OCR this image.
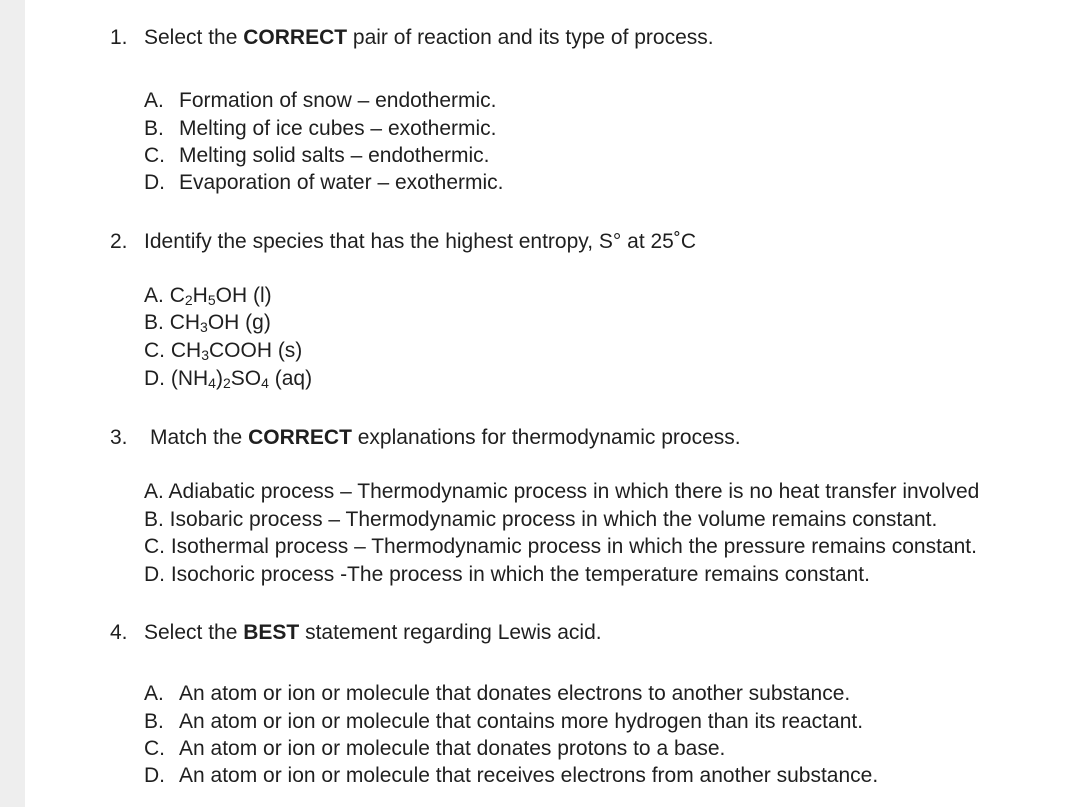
1. Select the CORRECT pair of reaction and its type of process.
A. Formation of snow – endothermic.
B. Melting of ice cubes – exothermic.
C. Melting solid salts – endothermic.
D. Evaporation of water – exothermic.
2. Identify the species that has the highest entropy, S° at 25˚C
A. $C_2H_5OH$ (l)
B. $CH_3OH$ (g)
C. $CH_3COOH$ (s)
D. $(NH_4)_2SO_4$ (aq)
3. Match the CORRECT explanations for thermodynamic process.
A. Adiabatic process – Thermodynamic process in which there is no heat transfer involved
B. Isobaric process – Thermodynamic process in which the volume remains constant.
C. Isothermal process – Thermodynamic process in which the pressure remains constant.
D. Isochoric process -The process in which the temperature remains constant.
4. Select the BEST statement regarding Lewis acid.
A. An atom or ion or molecule that donates electrons to another substance.
B. An atom or ion or molecule that contains more hydrogen than its reactant.
C. An atom or ion or molecule that donates protons to a base.
D. An atom or ion or molecule that receives electrons from another substance.
